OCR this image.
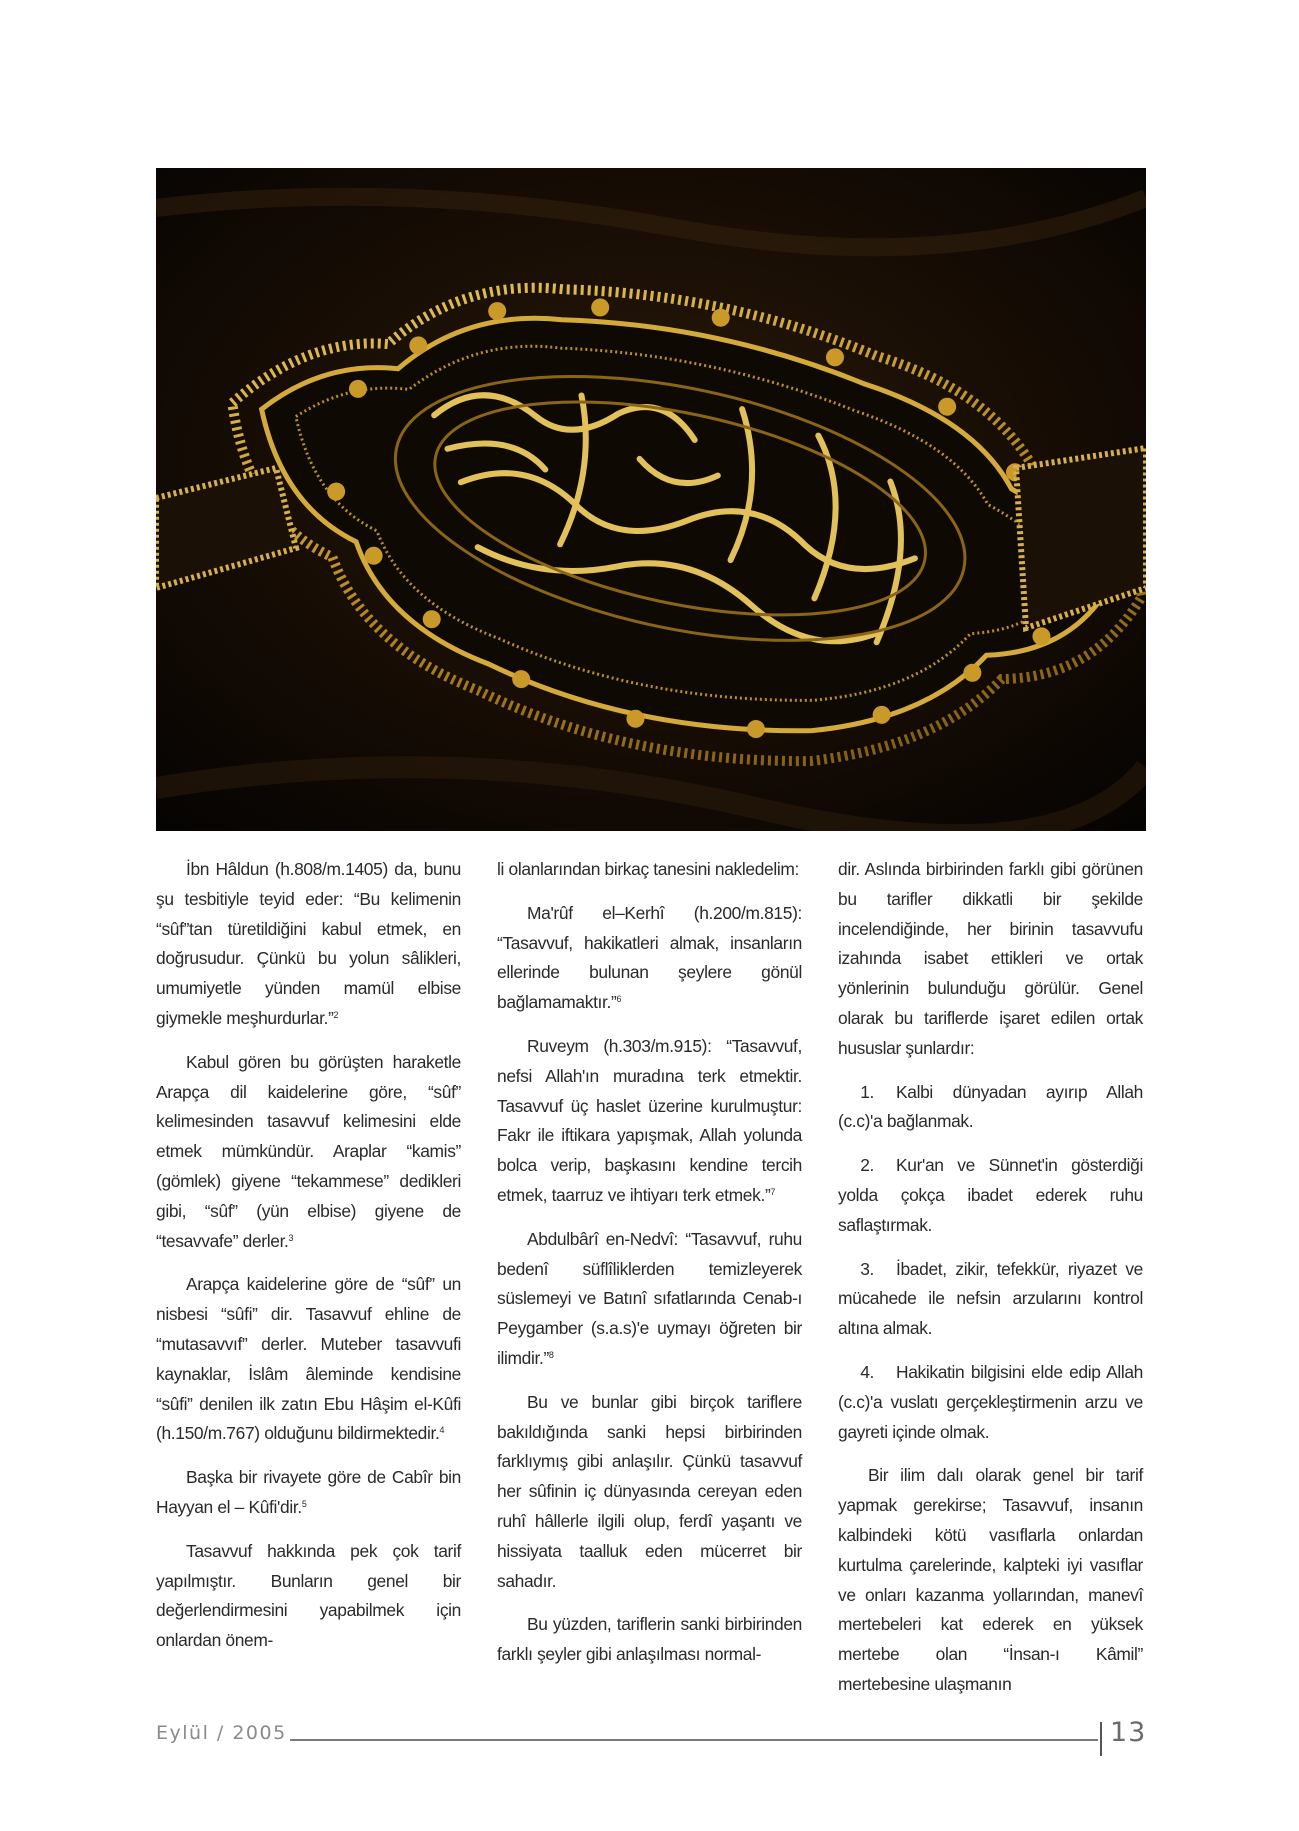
İbn Hâldun (h.808/m.1405) da, bunu şu tesbitiyle teyid eder: “Bu kelimenin “sûf”tan türetildiğini kabul etmek, en doğrusudur. Çünkü bu yolun sâlikleri, umumiyetle yünden mamül elbise giymekle meşhurdurlar.”$^2$

Kabul gören bu görüşten haraketle Arapça dil kaidelerine göre, “sûf” kelimesinden tasavvuf kelimesini elde etmek mümkündür. Araplar “kamis” (gömlek) giyene “tekammese” dedikleri gibi, “sûf” (yün elbise) giyene de “tesavvafe” derler.$^3$

Arapça kaidelerine göre de “sûf” un nisbesi “sûfi” dir. Tasavvuf ehline de “mutasavvıf” derler. Muteber tasavvufi kaynaklar, İslâm âleminde kendisine “sûfi” denilen ilk zatın Ebu Hâşim el-Kûfi (h.150/m.767) olduğunu bildirmektedir.$^4$

Başka bir rivayete göre de Cabîr bin Hayyan el – Kûfi'dir.$^5$

Tasavvuf hakkında pek çok tarif yapılmıştır. Bunların genel bir değerlendirmesini yapabilmek için onlardan önem-

li olanlarından birkaç tanesini nakledelim:

Ma'rûf el–Kerhî (h.200/m.815): “Tasavvuf, hakikatleri almak, insanların ellerinde bulunan şeylere gönül bağlamamaktır.”$^6$

Ruveym (h.303/m.915): “Tasavvuf, nefsi Allah'ın muradına terk etmektir. Tasavvuf üç haslet üzerine kurulmuştur: Fakr ile iftikara yapışmak, Allah yolunda bolca verip, başkasını kendine tercih etmek, taarruz ve ihtiyarı terk etmek.”$^7$

Abdulbârî en-Nedvî: “Tasavvuf, ruhu bedenî süflîliklerden temizleyerek süslemeyi ve Batınî sıfatlarında Cenab-ı Peygamber (s.a.s)'e uymayı öğreten bir ilimdir.”$^8$

Bu ve bunlar gibi birçok tariflere bakıldığında sanki hepsi birbirinden farklıymış gibi anlaşılır. Çünkü tasavvuf her sûfinin iç dünyasında cereyan eden ruhî hâllerle ilgili olup, ferdî yaşantı ve hissiyata taalluk eden mücerret bir sahadır.

Bu yüzden, tariflerin sanki birbirinden farklı şeyler gibi anlaşılması normal-

dir. Aslında birbirinden farklı gibi görünen bu tarifler dikkatli bir şekilde incelendiğinde, her birinin tasavvufu izahında isabet ettikleri ve ortak yönlerinin bulunduğu görülür. Genel olarak bu tariflerde işaret edilen ortak hususlar şunlardır:

1. Kalbi dünyadan ayırıp Allah (c.c)'a bağlanmak.

2. Kur'an ve Sünnet'in gösterdiği yolda çokça ibadet ederek ruhu saflaştırmak.

3. İbadet, zikir, tefekkür, riyazet ve mücahede ile nefsin arzularını kontrol altına almak.

4. Hakikatin bilgisini elde edip Allah (c.c)'a vuslatı gerçekleştirmenin arzu ve gayreti içinde olmak.

Bir ilim dalı olarak genel bir tarif yapmak gerekirse; Tasavvuf, insanın kalbindeki kötü vasıflarla onlardan kurtulma çarelerinde, kalpteki iyi vasıflar ve onları kazanma yollarından, manevî mertebeleri kat ederek en yüksek mertebe olan “İnsan-ı Kâmil” mertebesine ulaşmanın

Eylül / 2005	13
